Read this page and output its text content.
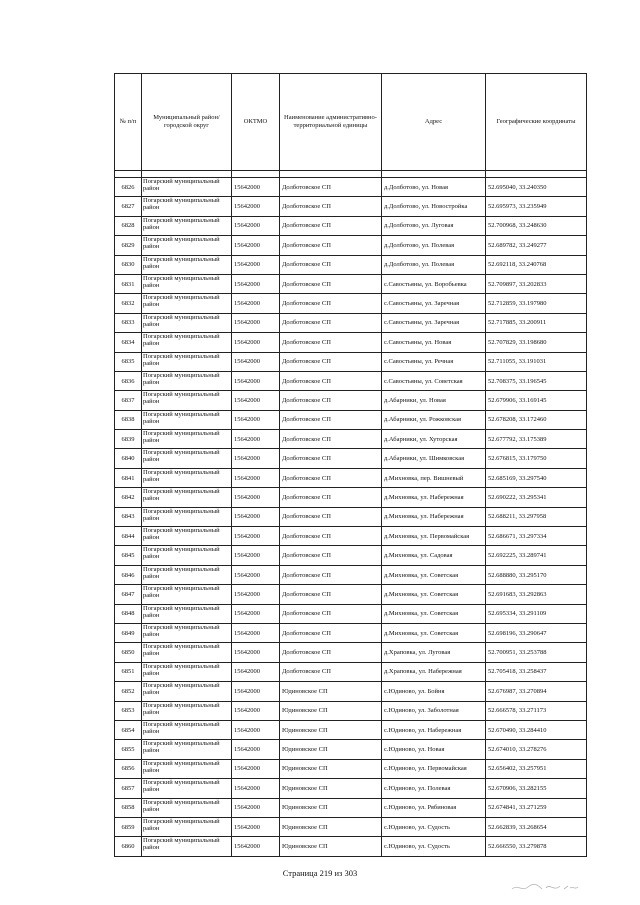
№ п/п	Муниципальный район/городской округ	ОКТМО	Наименование административно-территориальной единицы	Адрес	Географические координаты

6826	Погарский муниципальный район	15642000	Долботовское СП	д.Долботово, ул. Новая	52.695040, 33.240350
6827	Погарский муниципальный район	15642000	Долботовское СП	д.Долботово, ул. Новостройка	52.695973, 33.235949
6828	Погарский муниципальный район	15642000	Долботовское СП	д.Долботово, ул. Луговая	52.700968, 33.248630
6829	Погарский муниципальный район	15642000	Долботовское СП	д.Долботово, ул. Полевая	52.689782, 33.249277
6830	Погарский муниципальный район	15642000	Долботовское СП	д.Долботово, ул. Полевая	52.692118, 33.240768
6831	Погарский муниципальный район	15642000	Долботовское СП	с.Савостьяны, ул. Воробьевка	52.709897, 33.202833
6832	Погарский муниципальный район	15642000	Долботовское СП	с.Савостьяны, ул. Заречная	52.712859, 33.197980
6833	Погарский муниципальный район	15642000	Долботовское СП	с.Савостьяны, ул. Заречная	52.717885, 33.200911
6834	Погарский муниципальный район	15642000	Долботовское СП	с.Савостьяны, ул. Новая	52.707829, 33.198680
6835	Погарский муниципальный район	15642000	Долботовское СП	с.Савостьяны, ул. Речная	52.711055, 33.191031
6836	Погарский муниципальный район	15642000	Долботовское СП	с.Савостьяны, ул. Советская	52.708375, 33.196545
6837	Погарский муниципальный район	15642000	Долботовское СП	д.Абарники, ул. Новая	52.679906, 33.169145
6838	Погарский муниципальный район	15642000	Долботовское СП	д.Абарники, ул. Рожковская	52.678208, 33.172460
6839	Погарский муниципальный район	15642000	Долботовское СП	д.Абарники, ул. Хуторская	52.677792, 33.175389
6840	Погарский муниципальный район	15642000	Долботовское СП	д.Абарники, ул. Шимковская	52.676815, 33.179750
6841	Погарский муниципальный район	15642000	Долботовское СП	д.Михновка, пер. Вишневый	52.685169, 33.297540
6842	Погарский муниципальный район	15642000	Долботовское СП	д.Михновка, ул. Набережная	52.690222, 33.295341
6843	Погарский муниципальный район	15642000	Долботовское СП	д.Михновка, ул. Набережная	52.688211, 33.297958
6844	Погарский муниципальный район	15642000	Долботовское СП	д.Михновка, ул. Первомайская	52.686671, 33.297334
6845	Погарский муниципальный район	15642000	Долботовское СП	д.Михновка, ул. Садовая	52.692225, 33.289741
6846	Погарский муниципальный район	15642000	Долботовское СП	д.Михновка, ул. Советская	52.688880, 33.295170
6847	Погарский муниципальный район	15642000	Долботовское СП	д.Михновка, ул. Советская	52.691683, 33.292863
6848	Погарский муниципальный район	15642000	Долботовское СП	д.Михновка, ул. Советская	52.695334, 33.291109
6849	Погарский муниципальный район	15642000	Долботовское СП	д.Михновка, ул. Советская	52.698196, 33.290647
6850	Погарский муниципальный район	15642000	Долботовское СП	д.Храповка, ул. Луговая	52.700951, 33.253788
6851	Погарский муниципальный район	15642000	Долботовское СП	д.Храповка, ул. Набережная	52.705418, 33.258437
6852	Погарский муниципальный район	15642000	Юдиновское СП	с.Юдиново, ул. Бойня	52.676987, 33.270894
6853	Погарский муниципальный район	15642000	Юдиновское СП	с.Юдиново, ул. Заболотная	52.666578, 33.271173
6854	Погарский муниципальный район	15642000	Юдиновское СП	с.Юдиново, ул. Набережная	52.670490, 33.284410
6855	Погарский муниципальный район	15642000	Юдиновское СП	с.Юдиново, ул. Новая	52.674010, 33.278276
6856	Погарский муниципальный район	15642000	Юдиновское СП	с.Юдиново, ул. Первомайская	52.656402, 33.257951
6857	Погарский муниципальный район	15642000	Юдиновское СП	с.Юдиново, ул. Полевая	52.670906, 33.282155
6858	Погарский муниципальный район	15642000	Юдиновское СП	с.Юдиново, ул. Рябиновая	52.674841, 33.271259
6859	Погарский муниципальный район	15642000	Юдиновское СП	с.Юдиново, ул. Судость	52.662839, 33.268654
6860	Погарский муниципальный район	15642000	Юдиновское СП	с.Юдиново, ул. Судость	52.666550, 33.279878
Страница 219 из 303
